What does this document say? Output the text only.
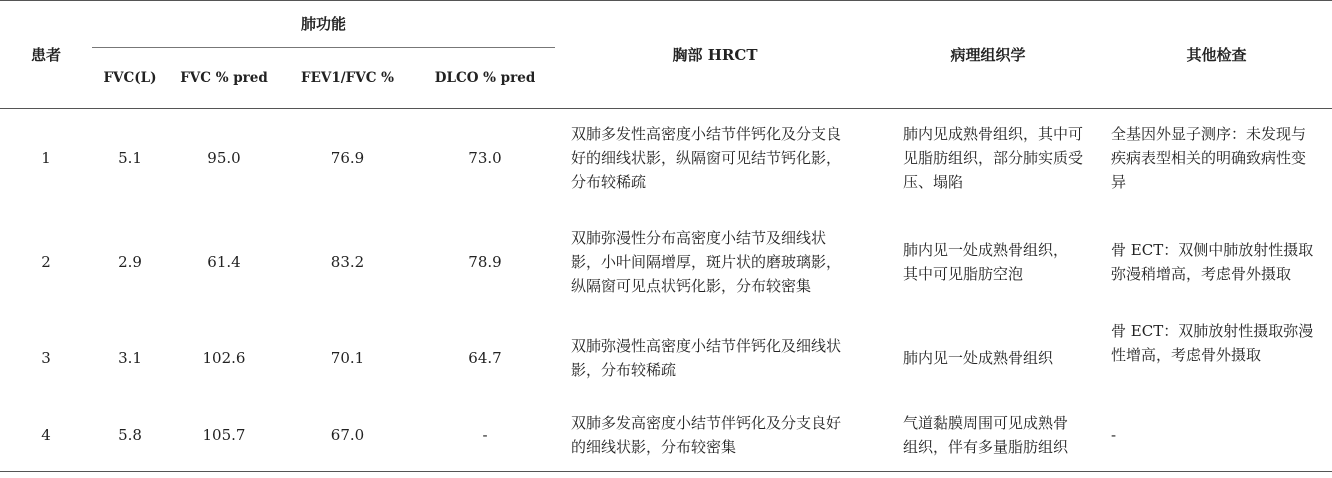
患者	肺功能				胸部 HRCT	病理组织学	其他检查
	FVC(L)	FVC % pred	FEV1/FVC %	DLCO % pred			
1	5.1	95.0	76.9	73.0	双肺多发性高密度小结节伴钙化及分支良好的细线状影，纵隔窗可见结节钙化影，分布较稀疏	肺内见成熟骨组织，其中可见脂肪组织，部分肺实质受压、塌陷	全基因外显子测序：未发现与疾病表型相关的明确致病性变异
2	2.9	61.4	83.2	78.9	双肺弥漫性分布高密度小结节及细线状影，小叶间隔增厚，斑片状的磨玻璃影，纵隔窗可见点状钙化影，分布较密集	肺内见一处成熟骨组织，其中可见脂肪空泡	骨 ECT：双侧中肺放射性摄取弥漫稍增高，考虑骨外摄取
3	3.1	102.6	70.1	64.7	双肺弥漫性高密度小结节伴钙化及细线状影，分布较稀疏	肺内见一处成熟骨组织	骨 ECT：双肺放射性摄取弥漫性增高，考虑骨外摄取
4	5.8	105.7	67.0	-	双肺多发高密度小结节伴钙化及分支良好的细线状影，分布较密集	气道黏膜周围可见成熟骨组织，伴有多量脂肪组织	-
